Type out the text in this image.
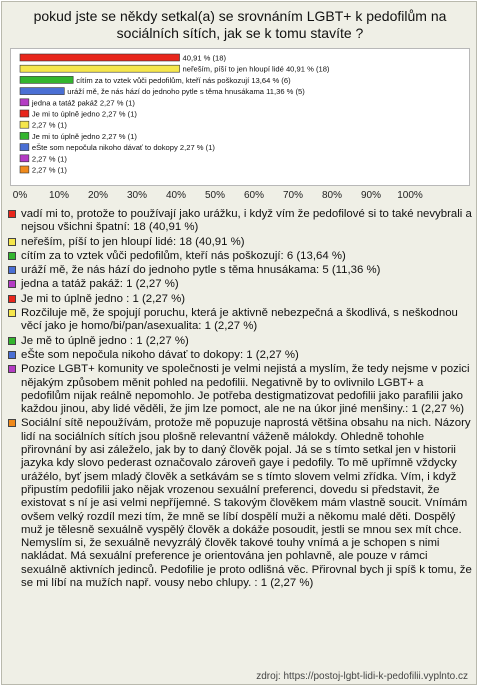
pokud jste se někdy setkal(a) se srovnáním LGBT+ k pedofilům na sociálních sítích, jak se k tomu stavíte ?
40,91 % (18)
neřeším, píší to jen hloupí lidé 40,91 % (18)
cítím za to vztek vůči pedofilům, kteří nás poškozují 13,64 % (6)
uráží mě, že nás hází do jednoho pytle s těma hnusákama 11,36 % (5)
jedna a tatáž pakáž 2,27 % (1)
Je mi to úplně jedno 2,27 % (1)
2,27 % (1)
Je mi to úplně jedno 2,27 % (1)
eŠte som nepočula nikoho dávať to dokopy 2,27 % (1)
2,27 % (1)
2,27 % (1)
0% 10% 20% 30% 40% 50% 60% 70% 80% 90% 100%
vadí mi to, protože to používají jako urážku, i když vím že pedofilové si to také nevybrali a nejsou všichni špatní: 18 (40,91 %)
neřeším, píší to jen hloupí lidé: 18 (40,91 %)
cítím za to vztek vůči pedofilům, kteří nás poškozují: 6 (13,64 %)
uráží mě, že nás hází do jednoho pytle s těma hnusákama: 5 (11,36 %)
jedna a tatáž pakáž: 1 (2,27 %)
Je mi to úplně jedno : 1 (2,27 %)
Rozčiluje mě, že spojují poruchu, která je aktivně nebezpečná a škodlivá, s neškodnou věcí jako je homo/bi/pan/asexualita: 1 (2,27 %)
Je mě to úplně jedno : 1 (2,27 %)
eŠte som nepočula nikoho dávať to dokopy: 1 (2,27 %)
Pozice LGBT+ komunity ve společnosti je velmi nejistá a myslím, že tedy nejsme v pozici nějakým způsobem měnit pohled na pedofilii. Negativně by to ovlivnilo LGBT+ a pedofilům nijak reálně nepomohlo. Je potřeba destigmatizovat pedofilii jako parafilii jako každou jinou, aby lidé věděli, že jim lze pomoct, ale ne na úkor jiné menšiny.: 1 (2,27 %)
Sociální sítě nepoužívám, protože mě popuzuje naprostá většina obsahu na nich. Názory lidí na sociálních sítích jsou plošně relevantní váženě málokdy. Ohledně tohohle přirovnání by asi záleželo, jak by to daný člověk pojal. Já se s tímto setkal jen v historii jazyka kdy slovo pederast označovalo zároveň gaye i pedofily. To mě upřímně vždycky urážélo, byť jsem mladý člověk a setkávám se s tímto slovem velmi zřídka. Vím, i když připustím pedofilii jako nějak vrozenou sexuální preferenci, dovedu si představit, že existovat s ní je asi velmi nepříjemné. S takovým člověkem mám vlastně soucit. Vnímám ovšem velký rozdíl mezi tím, že mně se líbí dospělí muži a někomu malé děti. Dospělý muž je tělesně sexuálně vyspělý člověk a dokáže posoudit, jestli se mnou sex mít chce. Nemyslím si, že sexuálně nevyzrálý člověk takové touhy vnímá a je schopen s nimi nakládat. Má sexuální preference je orientována jen pohlavně, ale pouze v rámci sexuálně aktivních jedinců. Pedofilie je proto odlišná věc. Přirovnal bych ji spíš k tomu, že se mi líbí na mužích např. vousy nebo chlupy. : 1 (2,27 %)
zdroj: https://postoj-lgbt-lidi-k-pedofilii.vyplnto.cz
